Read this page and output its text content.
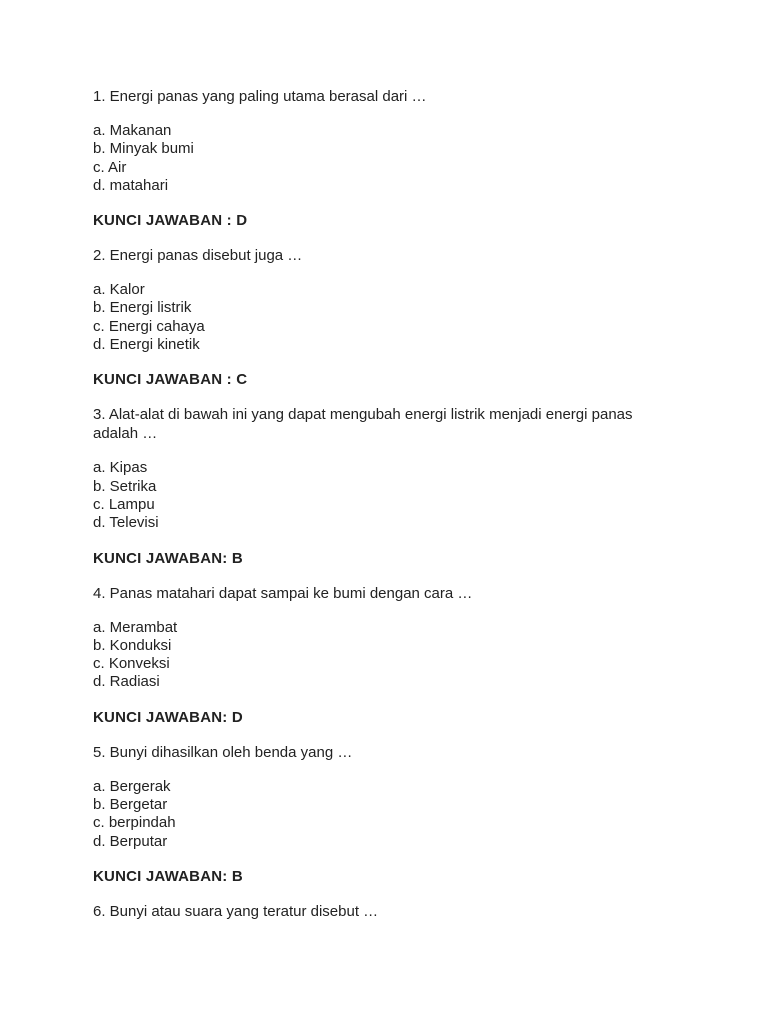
1. Energi panas yang paling utama berasal dari …
a. Makanan
b. Minyak bumi
c. Air
d. matahari
KUNCI JAWABAN : D
2. Energi panas disebut juga …
a. Kalor
b. Energi listrik
c. Energi cahaya
d. Energi kinetik
KUNCI JAWABAN : C
3. Alat-alat di bawah ini yang dapat mengubah energi listrik menjadi energi panas adalah …
a. Kipas
b. Setrika
c. Lampu
d. Televisi
KUNCI JAWABAN: B
4. Panas matahari dapat sampai ke bumi dengan cara …
a. Merambat
b. Konduksi
c. Konveksi
d. Radiasi
KUNCI JAWABAN: D
5. Bunyi dihasilkan oleh benda yang …
a. Bergerak
b. Bergetar
c. berpindah
d. Berputar
KUNCI JAWABAN: B
6. Bunyi atau suara yang teratur disebut …
